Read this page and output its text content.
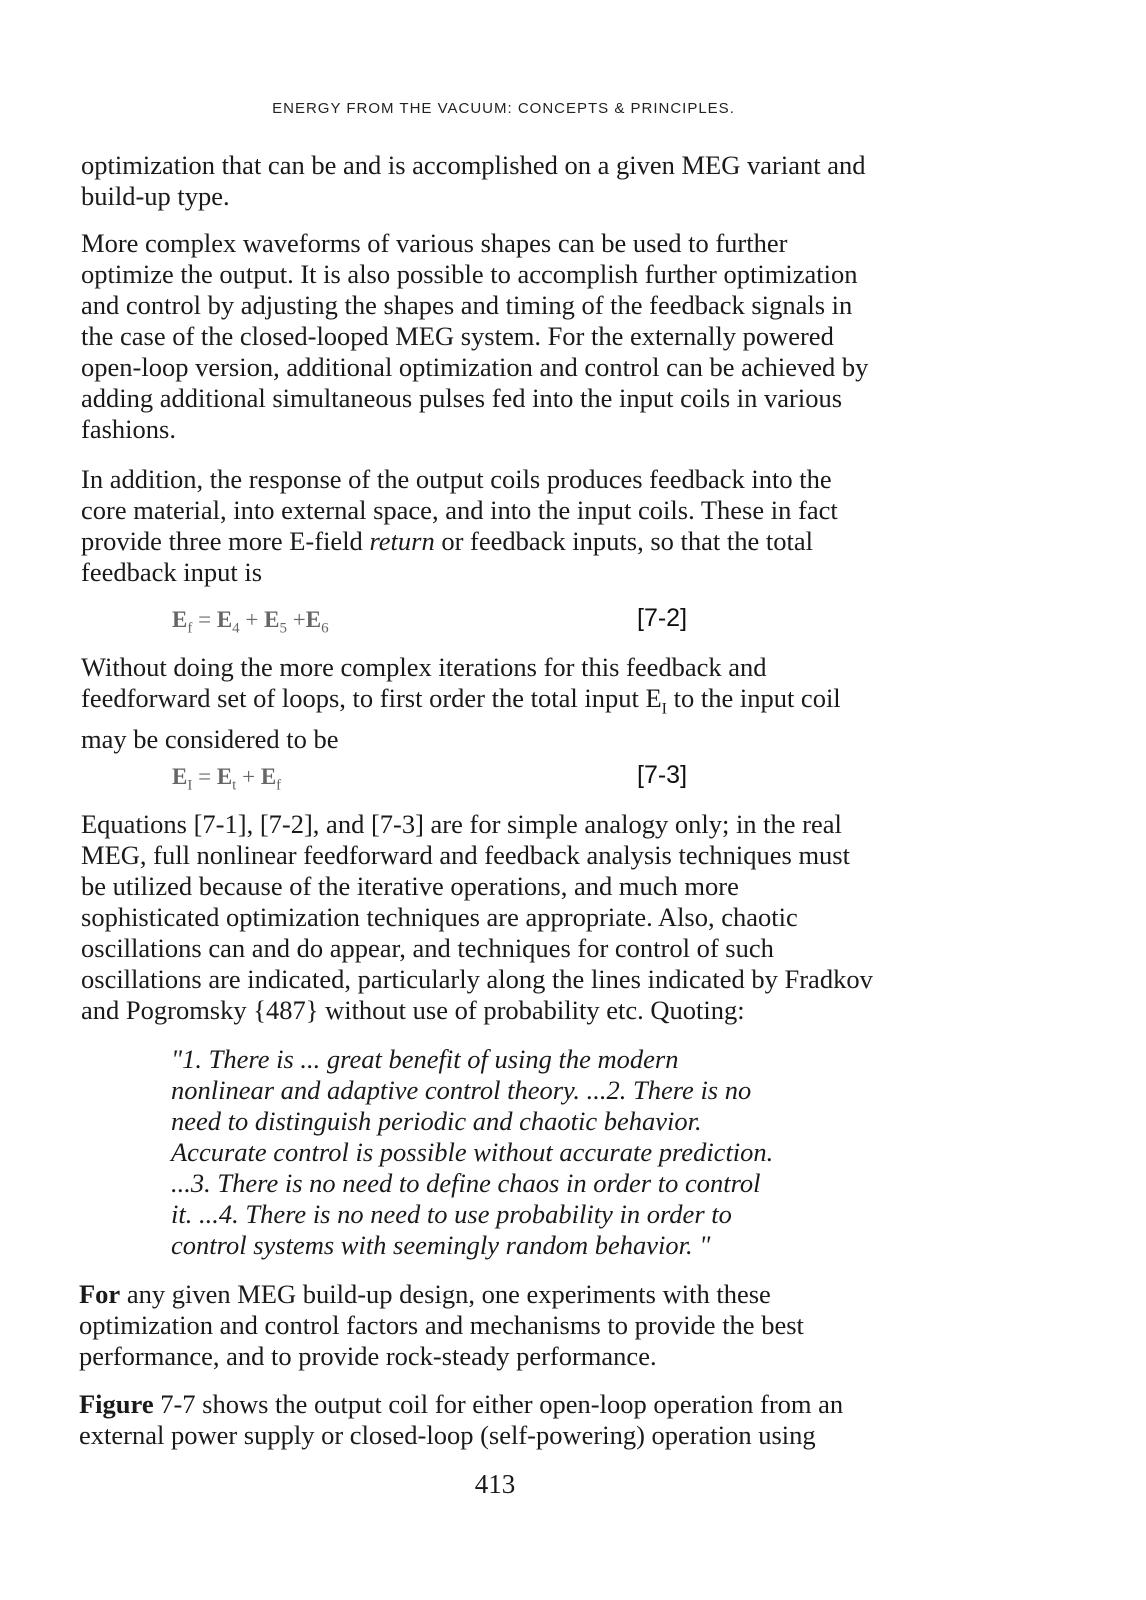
ENERGY FROM THE VACUUM: CONCEPTS & PRINCIPLES.

optimization that can be and is accomplished on a given MEG variant and
build-up type.

More complex waveforms of various shapes can be used to further
optimize the output. It is also possible to accomplish further optimization
and control by adjusting the shapes and timing of the feedback signals in
the case of the closed-looped MEG system. For the externally powered
open-loop version, additional optimization and control can be achieved by
adding additional simultaneous pulses fed into the input coils in various
fashions.

In addition, the response of the output coils produces feedback into the
core material, into external space, and into the input coils. These in fact
provide three more E-field return or feedback inputs, so that the total
feedback input is

$E_f = E_4 + E_5 +E_6$	[7-2]

Without doing the more complex iterations for this feedback and
feedforward set of loops, to first order the total input $E_I$ to the input coil
may be considered to be

$E_I = E_t + E_f$	[7-3]

Equations [7-1], [7-2], and [7-3] are for simple analogy only; in the real
MEG, full nonlinear feedforward and feedback analysis techniques must
be utilized because of the iterative operations, and much more
sophisticated optimization techniques are appropriate. Also, chaotic
oscillations can and do appear, and techniques for control of such
oscillations are indicated, particularly along the lines indicated by Fradkov
and Pogromsky {487} without use of probability etc. Quoting:

"1. There is ... great benefit of using the modern
nonlinear and adaptive control theory. ...2. There is no
need to distinguish periodic and chaotic behavior.
Accurate control is possible without accurate prediction.
...3. There is no need to define chaos in order to control
it. ...4. There is no need to use probability in order to
control systems with seemingly random behavior. "

For any given MEG build-up design, one experiments with these
optimization and control factors and mechanisms to provide the best
performance, and to provide rock-steady performance.

Figure 7-7 shows the output coil for either open-loop operation from an
external power supply or closed-loop (self-powering) operation using

413
